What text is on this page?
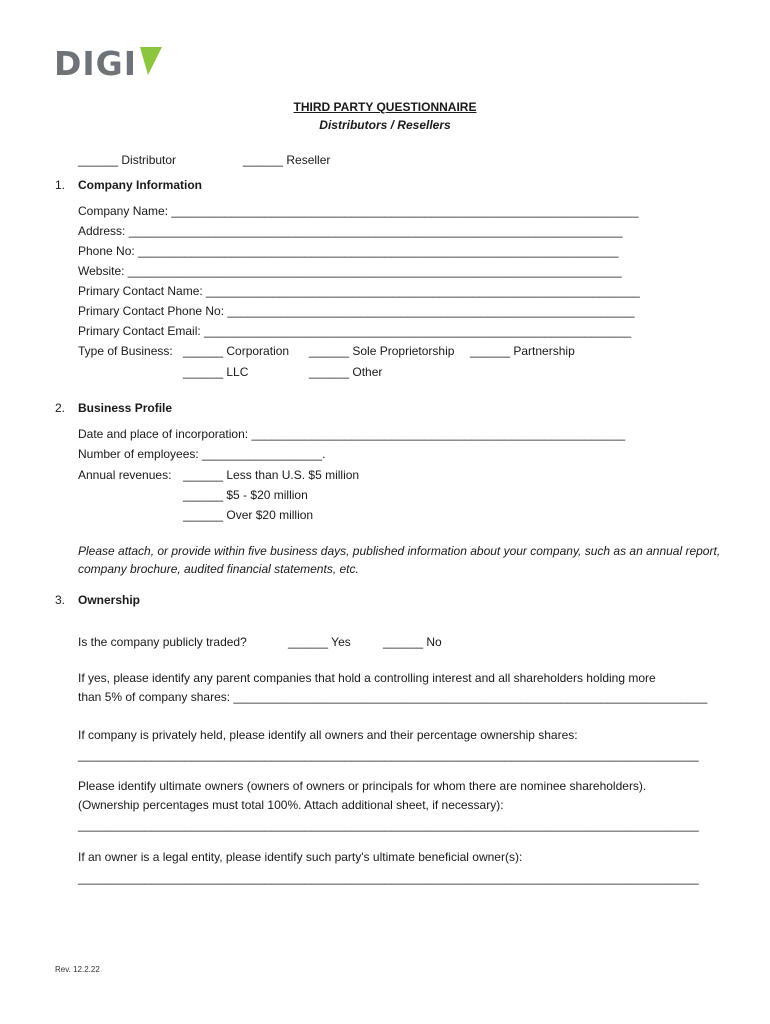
DIGI
THIRD PARTY QUESTIONNAIRE
Distributors / Resellers
______ Distributor	______ Reseller
1. Company Information
Company Name: ______________________________________________________________________
Address: __________________________________________________________________________
Phone No: ________________________________________________________________________
Website: __________________________________________________________________________
Primary Contact Name: _________________________________________________________________
Primary Contact Phone No: _____________________________________________________________
Primary Contact Email: ________________________________________________________________
Type of Business: ______ Corporation ______ Sole Proprietorship ______ Partnership
______ LLC	______ Other
2. Business Profile
Date and place of incorporation: ________________________________________________________
Number of employees: __________________.
Annual revenues: ______ Less than U.S. $5 million
______ $5 - $20 million
______ Over $20 million
Please attach, or provide within five business days, published information about your company, such as an annual report, company brochure, audited financial statements, etc.
3. Ownership
Is the company publicly traded?	______ Yes	______ No
If yes, please identify any parent companies that hold a controlling interest and all shareholders holding more
than 5% of company shares: _______________________________________________________________________
If company is privately held, please identify all owners and their percentage ownership shares:
_____________________________________________________________________________________________
Please identify ultimate owners (owners of owners or principals for whom there are nominee shareholders).
(Ownership percentages must total 100%. Attach additional sheet, if necessary):
_____________________________________________________________________________________________
If an owner is a legal entity, please identify such party's ultimate beneficial owner(s):
_____________________________________________________________________________________________
Rev. 12.2.22
